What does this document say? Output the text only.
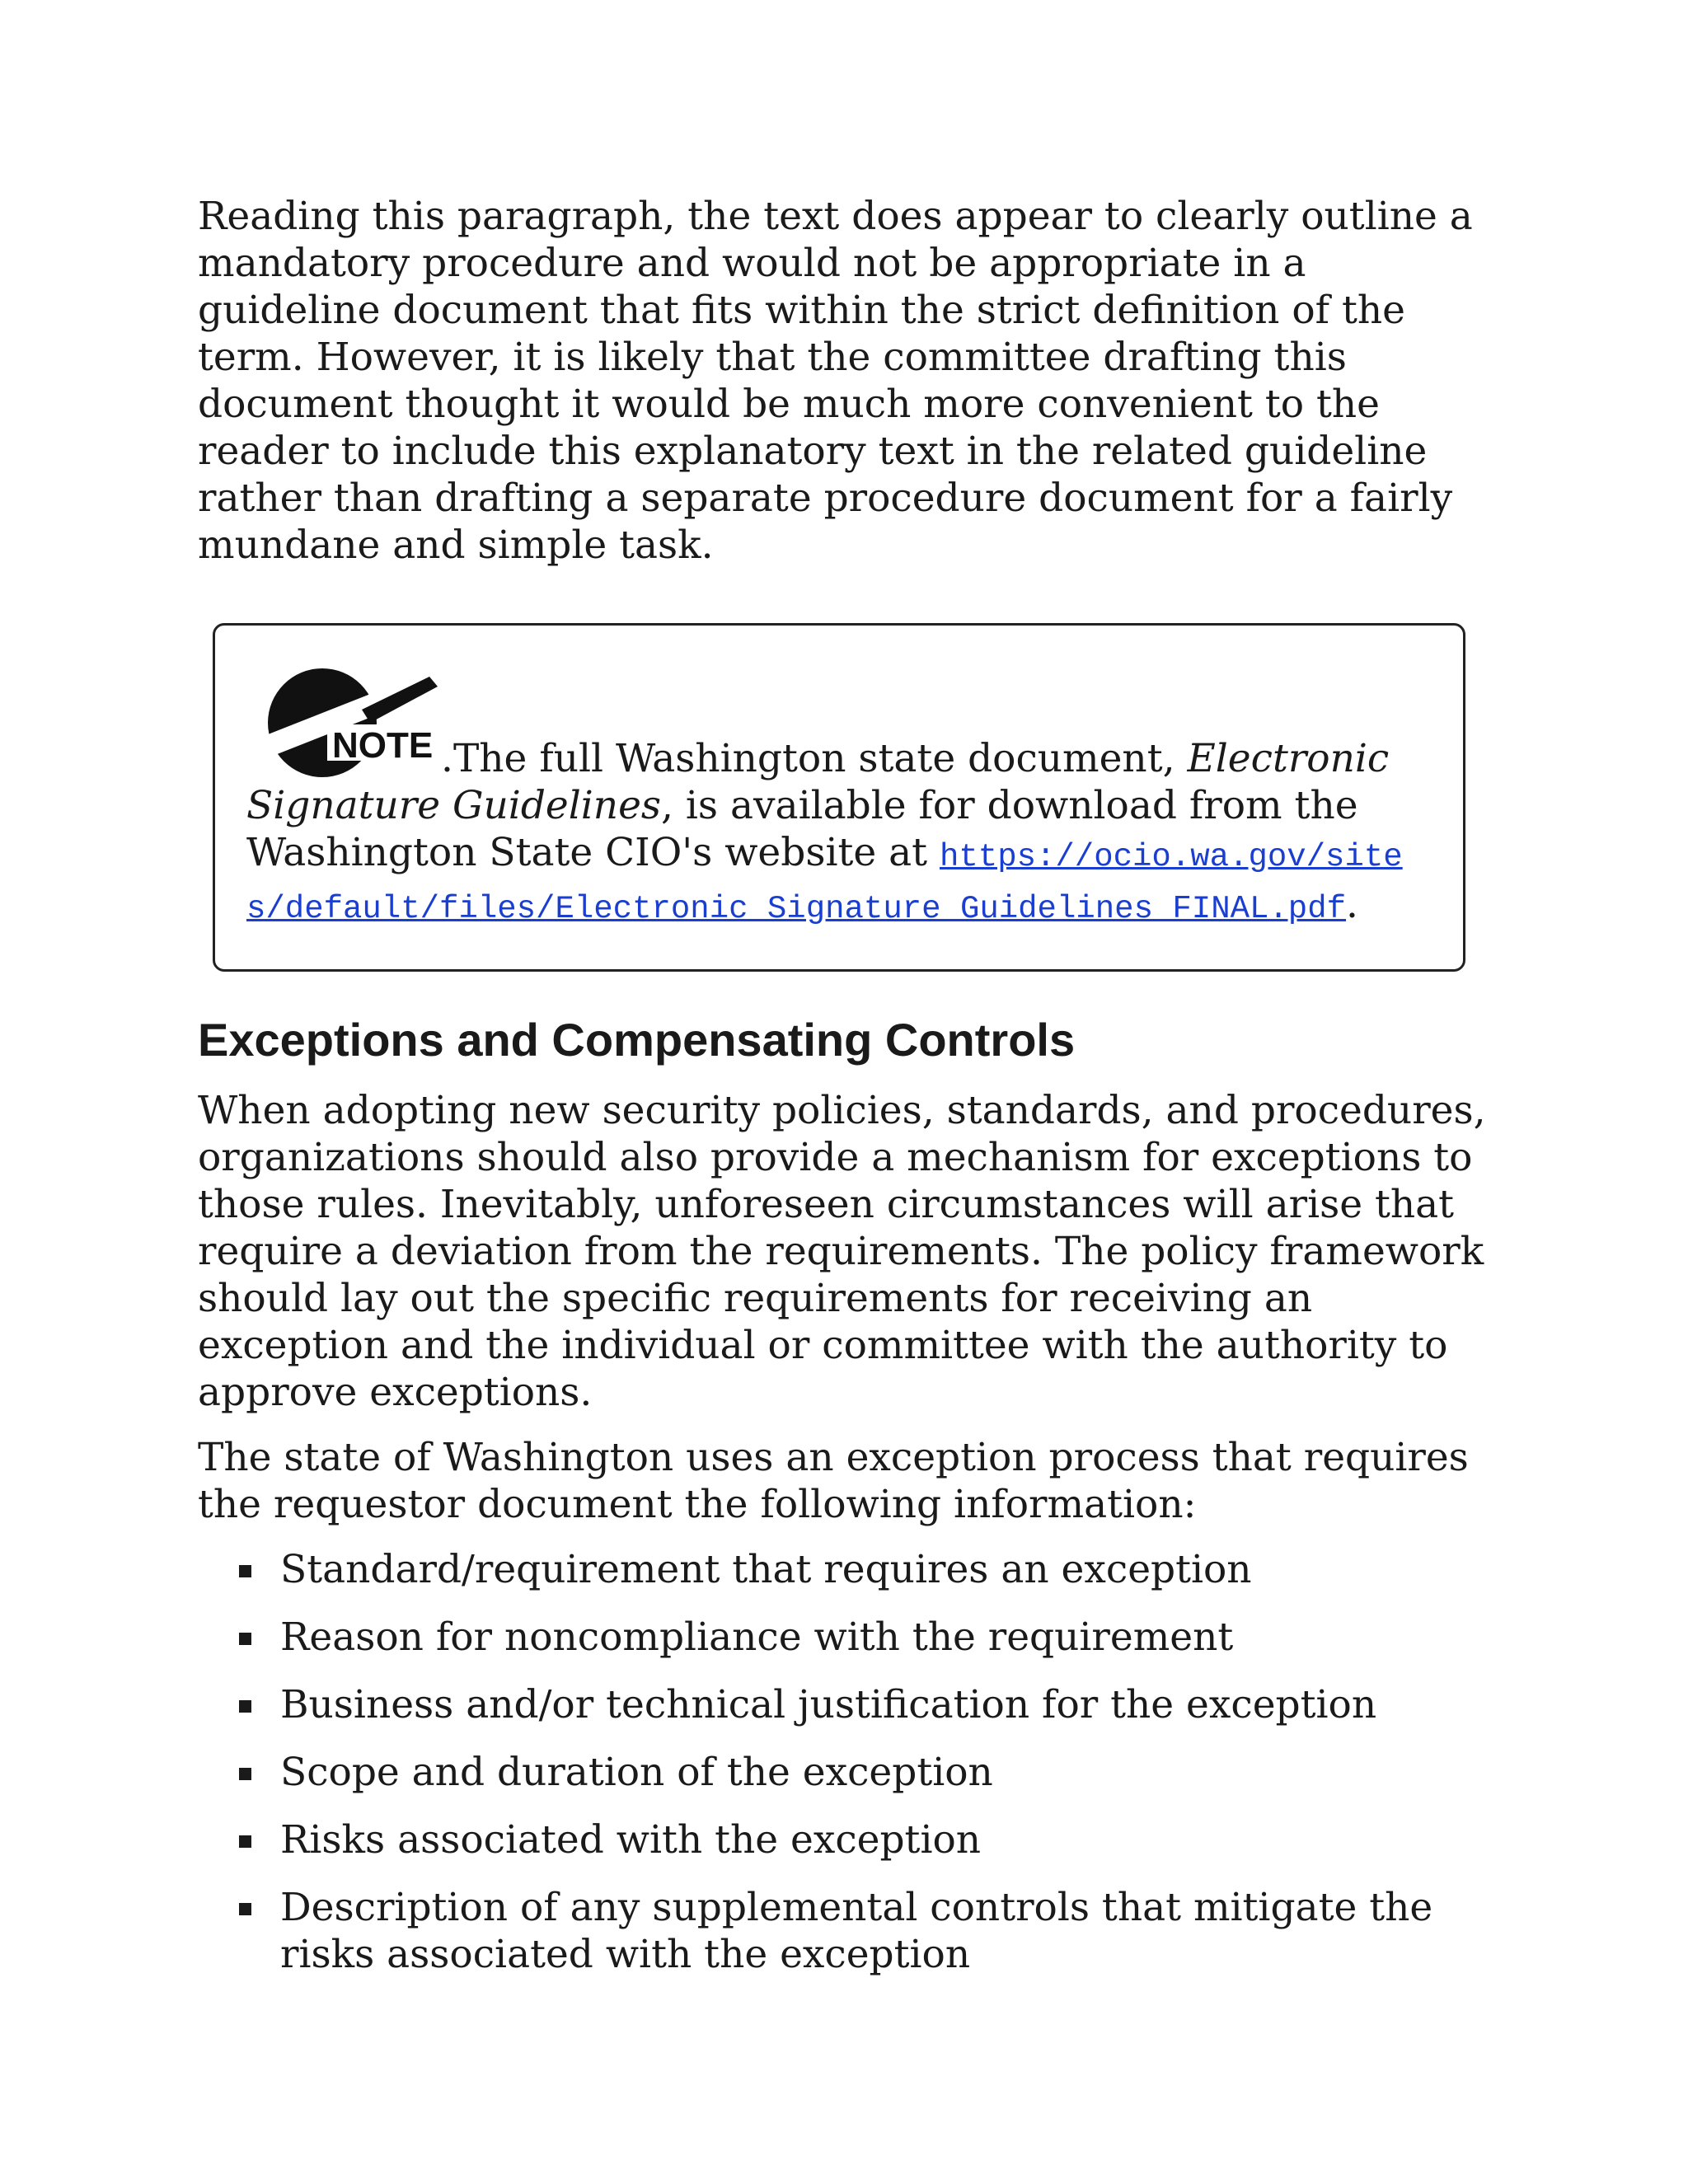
Reading this paragraph, the text does appear to clearly outline a mandatory procedure and would not be appropriate in a guideline document that fits within the strict definition of the term. However, it is likely that the committee drafting this document thought it would be much more convenient to the reader to include this explanatory text in the related guideline rather than drafting a separate procedure document for a fairly mundane and simple task.

NOTE .The full Washington state document, Electronic Signature Guidelines, is available for download from the Washington State CIO's website at https://ocio.wa.gov/sites/default/files/Electronic_Signature_Guidelines_FINAL.pdf.

Exceptions and Compensating Controls

When adopting new security policies, standards, and procedures, organizations should also provide a mechanism for exceptions to those rules. Inevitably, unforeseen circumstances will arise that require a deviation from the requirements. The policy framework should lay out the specific requirements for receiving an exception and the individual or committee with the authority to approve exceptions.

The state of Washington uses an exception process that requires the requestor document the following information:

Standard/requirement that requires an exception
Reason for noncompliance with the requirement
Business and/or technical justification for the exception
Scope and duration of the exception
Risks associated with the exception
Description of any supplemental controls that mitigate the risks associated with the exception
